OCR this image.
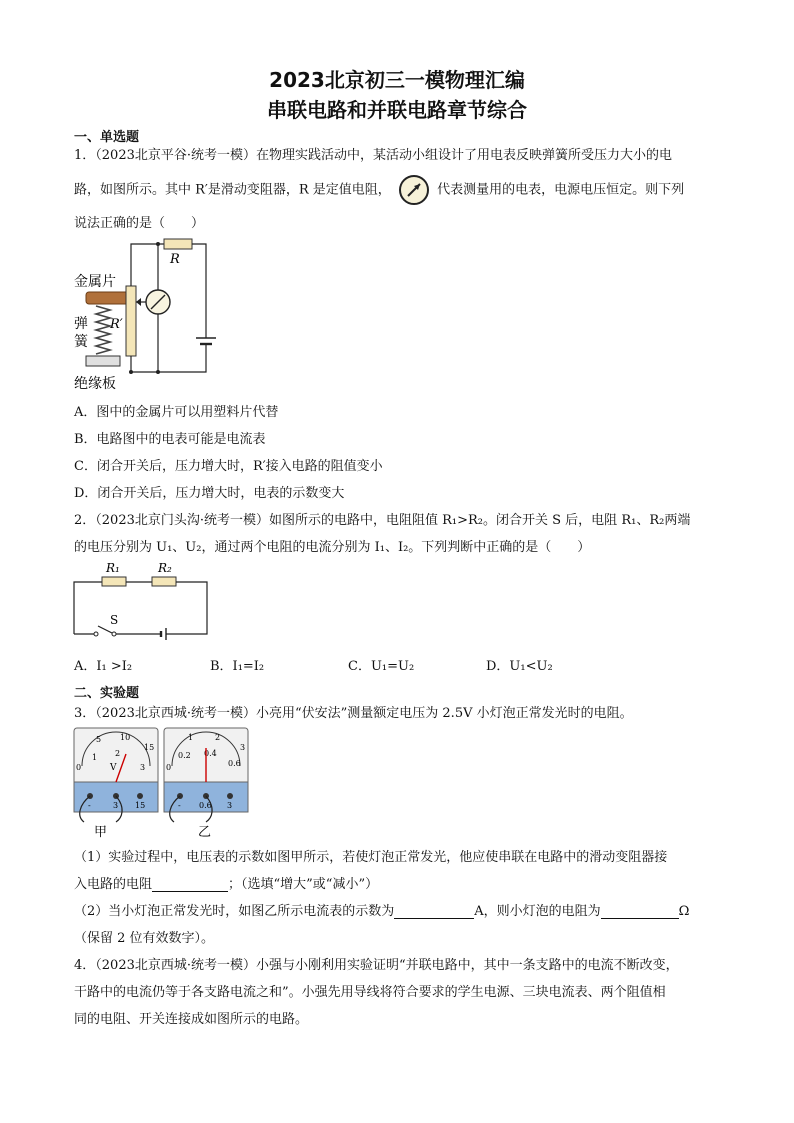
2023北京初三一模物理汇编
串联电路和并联电路章节综合
一、单选题
1．（2023北京平谷·统考一模）在物理实践活动中，某活动小组设计了用电表反映弹簧所受压力大小的电
路，如图所示。其中 R′是滑动变阻器，R 是定值电阻，	代表测量用的电表，电源电压恒定。则下列
说法正确的是（　　）
金属片
弹
簧
绝缘板
R′
R
A．图中的金属片可以用塑料片代替
B．电路图中的电表可能是电流表
C．闭合开关后，压力增大时，R′接入电路的阻值变小
D．闭合开关后，压力增大时，电表的示数变大
2．（2023北京门头沟·统考一模）如图所示的电路中，电阻阻值 R₁>R₂。闭合开关 S 后，电阻 R₁、R₂两端
的电压分别为 U₁、U₂，通过两个电阻的电流分别为 I₁、I₂。下列判断中正确的是（　　）
R₁	R₂
S
A．I₁ >I₂	B．I₁=I₂	C．U₁=U₂	D．U₁<U₂
二、实验题
3．（2023北京西城·统考一模）小亮用“伏安法”测量额定电压为 2.5V 小灯泡正常发光时的电阻。
5 10
15
0
1 2
3
V
-	3 15
甲
1	2
3
0
0.2 0.4
0.6
- 0.6 3
乙
（1）实验过程中，电压表的示数如图甲所示，若使灯泡正常发光，他应使串联在电路中的滑动变阻器接
入电路的电阻	；（选填“增大”或“减小”）
（2）当小灯泡正常发光时，如图乙所示电流表的示数为	A，则小灯泡的电阻为	Ω
（保留 2 位有效数字）。
4．（2023北京西城·统考一模）小强与小刚利用实验证明“并联电路中，其中一条支路中的电流不断改变，
干路中的电流仍等于各支路电流之和”。小强先用导线将符合要求的学生电源、三块电流表、两个阻值相
同的电阻、开关连接成如图所示的电路。
